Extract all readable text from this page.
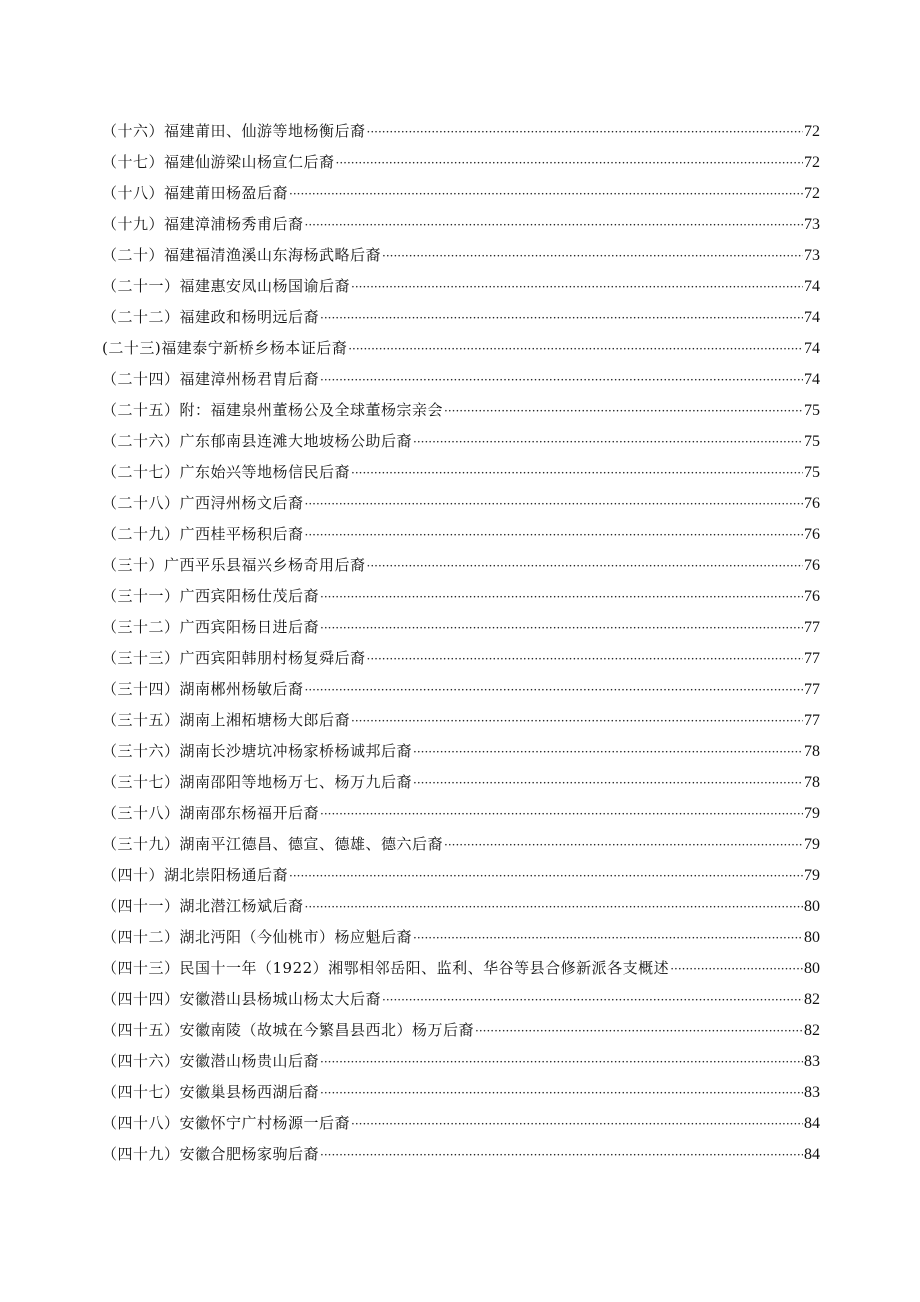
（十六）福建莆田、仙游等地杨衡后裔 ·····	72
（十七）福建仙游梁山杨宣仁后裔 ·····	72
（十八）福建莆田杨盈后裔 ·····	72
（十九）福建漳浦杨秀甫后裔 ·····	73
（二十）福建福清渔溪山东海杨武略后裔 ·····	73
（二十一）福建惠安凤山杨国谕后裔 ·····	74
（二十二）福建政和杨明远后裔 ·····	74
(二十三)福建泰宁新桥乡杨本证后裔 ·····	74
（二十四）福建漳州杨君胄后裔 ·····	74
（二十五）附：福建泉州董杨公及全球董杨宗亲会 ·····	75
（二十六）广东郁南县连滩大地坡杨公助后裔 ·····	75
（二十七）广东始兴等地杨信民后裔 ·····	75
（二十八）广西浔州杨文后裔 ·····	76
（二十九）广西桂平杨积后裔 ·····	76
（三十）广西平乐县福兴乡杨奇用后裔 ·····	76
（三十一）广西宾阳杨仕茂后裔 ·····	76
（三十二）广西宾阳杨日进后裔 ·····	77
（三十三）广西宾阳韩朋村杨复舜后裔 ·····	77
（三十四）湖南郴州杨敏后裔 ·····	77
（三十五）湖南上湘柘塘杨大郎后裔 ·····	77
（三十六）湖南长沙塘坑冲杨家桥杨诚邦后裔 ·····	78
（三十七）湖南邵阳等地杨万七、杨万九后裔 ·····	78
（三十八）湖南邵东杨福开后裔 ·····	79
（三十九）湖南平江德昌、德宣、德雄、德六后裔 ·····	79
（四十）湖北崇阳杨通后裔 ·····	79
（四十一）湖北潜江杨斌后裔 ·····	80
（四十二）湖北沔阳（今仙桃市）杨应魁后裔 ·····	80
（四十三）民国十一年（1922）湘鄂相邻岳阳、监利、华谷等县合修新派各支概述 ·····	80
（四十四）安徽潜山县杨城山杨太大后裔 ·····	82
（四十五）安徽南陵（故城在今繁昌县西北）杨万后裔 ·····	82
（四十六）安徽潜山杨贵山后裔 ·····	83
（四十七）安徽巢县杨西湖后裔 ·····	83
（四十八）安徽怀宁广村杨源一后裔 ·····	84
（四十九）安徽合肥杨家驹后裔 ·····	84
